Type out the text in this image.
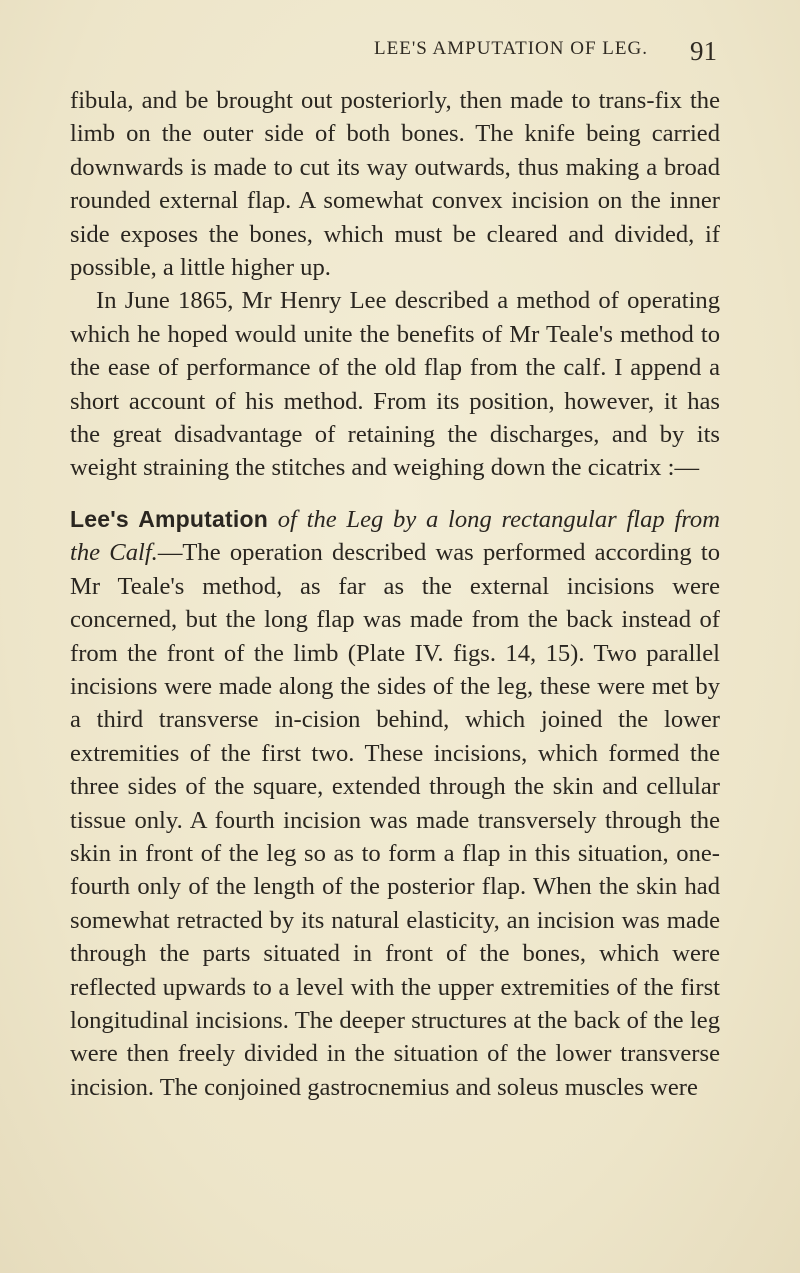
LEE'S AMPUTATION OF LEG. 91

fibula, and be brought out posteriorly, then made to trans-fix the limb on the outer side of both bones. The knife being carried downwards is made to cut its way outwards, thus making a broad rounded external flap. A somewhat convex incision on the inner side exposes the bones, which must be cleared and divided, if possible, a little higher up.

In June 1865, Mr Henry Lee described a method of operating which he hoped would unite the benefits of Mr Teale's method to the ease of performance of the old flap from the calf. I append a short account of his method. From its position, however, it has the great disadvantage of retaining the discharges, and by its weight straining the stitches and weighing down the cicatrix :—

Lee's Amputation of the Leg by a long rectangular flap from the Calf.—The operation described was performed according to Mr Teale's method, as far as the external incisions were concerned, but the long flap was made from the back instead of from the front of the limb (Plate IV. figs. 14, 15). Two parallel incisions were made along the sides of the leg, these were met by a third transverse in-cision behind, which joined the lower extremities of the first two. These incisions, which formed the three sides of the square, extended through the skin and cellular tissue only. A fourth incision was made transversely through the skin in front of the leg so as to form a flap in this situation, one-fourth only of the length of the posterior flap. When the skin had somewhat retracted by its natural elasticity, an incision was made through the parts situated in front of the bones, which were reflected upwards to a level with the upper extremities of the first longitudinal incisions. The deeper structures at the back of the leg were then freely divided in the situation of the lower transverse incision. The conjoined gastrocnemius and soleus muscles were
